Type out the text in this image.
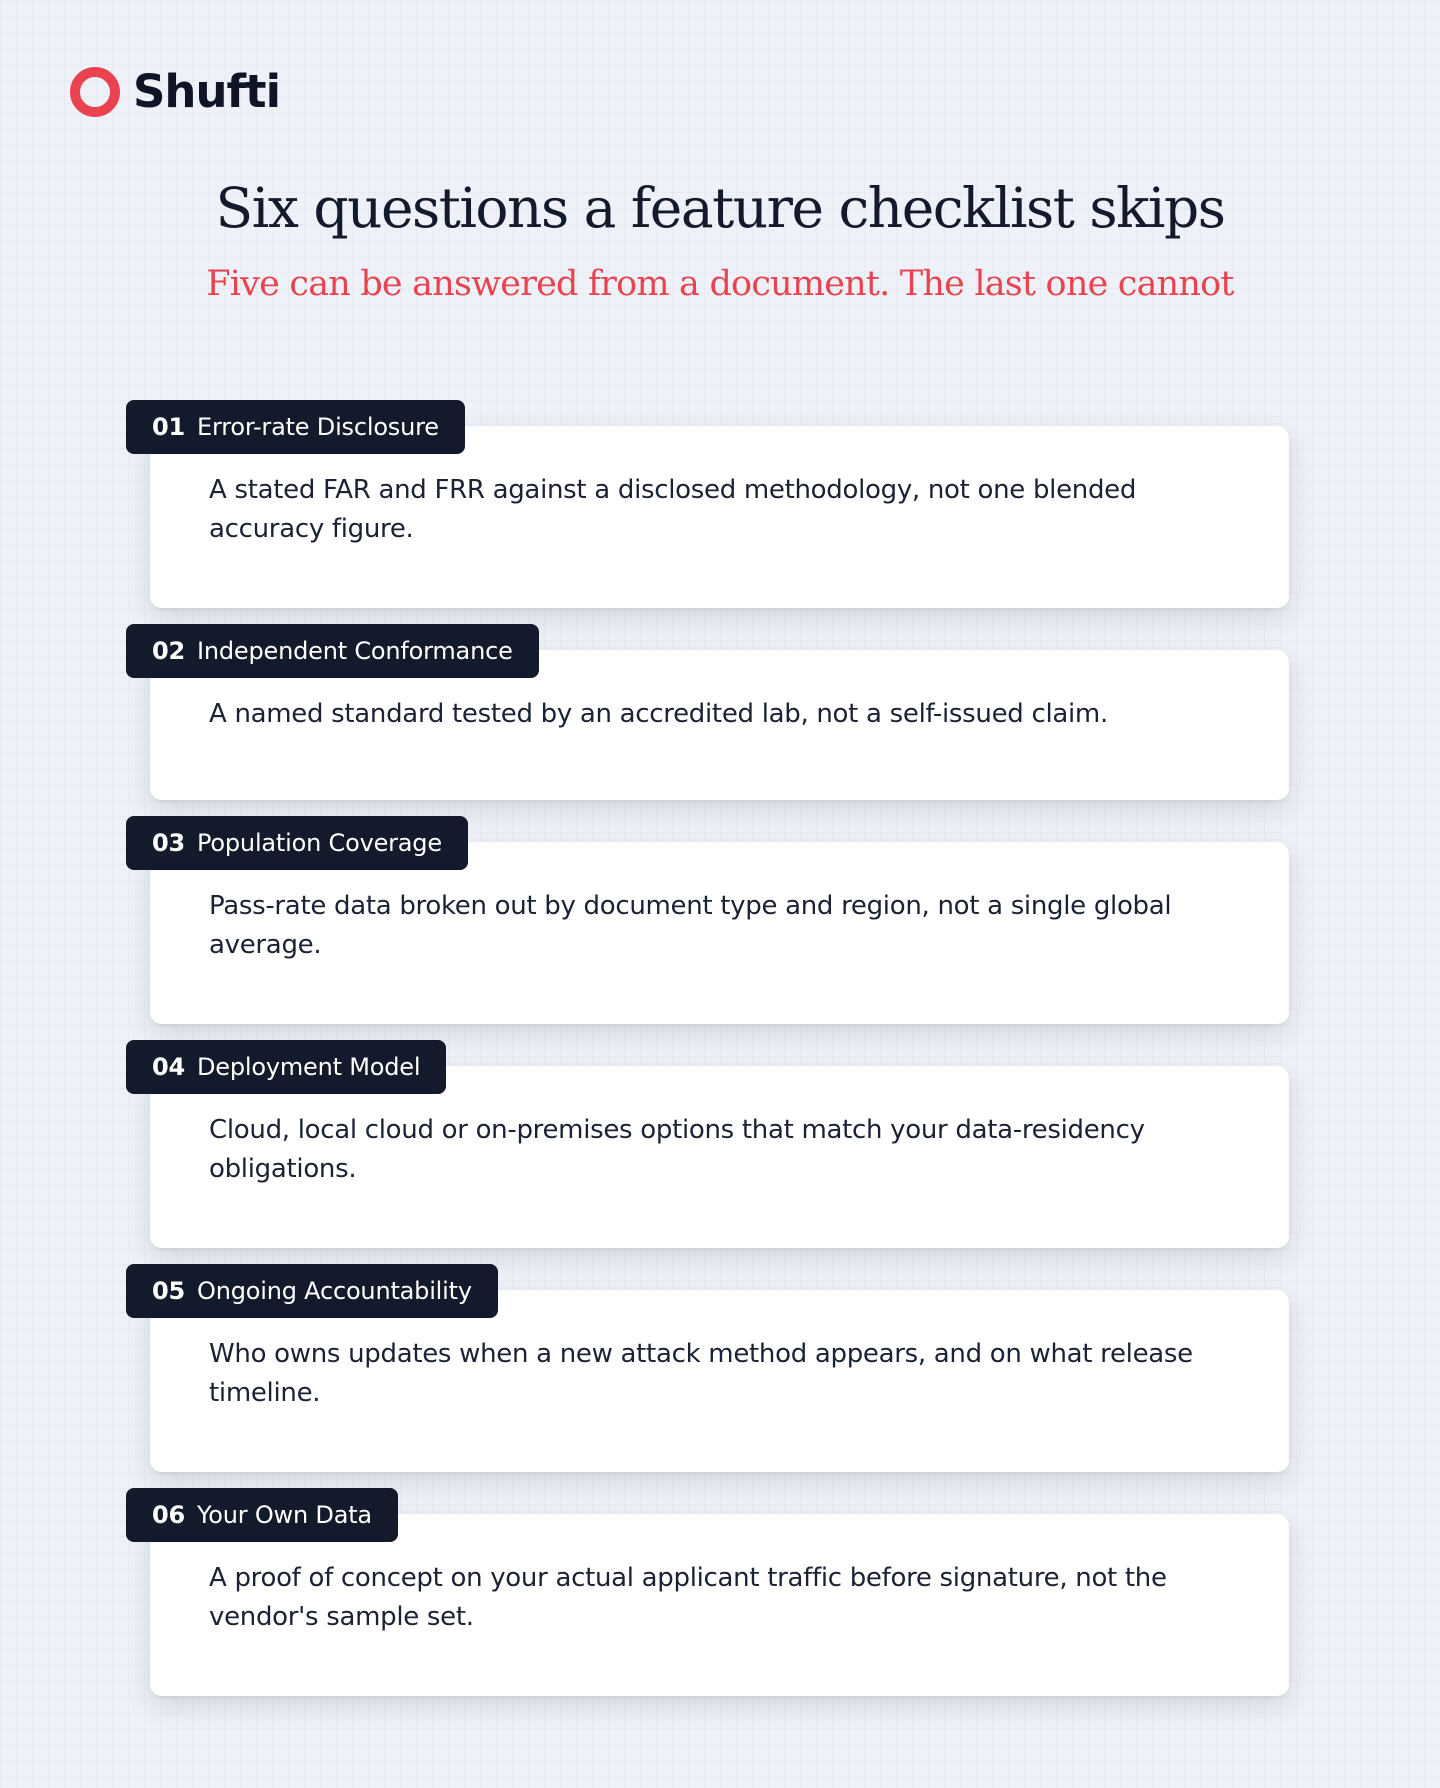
Shufti
Six questions a feature checklist skips

Five can be answered from a document. The last one cannot

A stated FAR and FRR against a disclosed methodology, not one blended accuracy figure.

01 Error-rate Disclosure

A named standard tested by an accredited lab, not a self-issued claim.

02 Independent Conformance

Pass-rate data broken out by document type and region, not a single global average.

03 Population Coverage

Cloud, local cloud or on-premises options that match your data-residency obligations.

04 Deployment Model

Who owns updates when a new attack method appears, and on what release timeline.

05 Ongoing Accountability

A proof of concept on your actual applicant traffic before signature, not the vendor's sample set.

06 Your Own Data
